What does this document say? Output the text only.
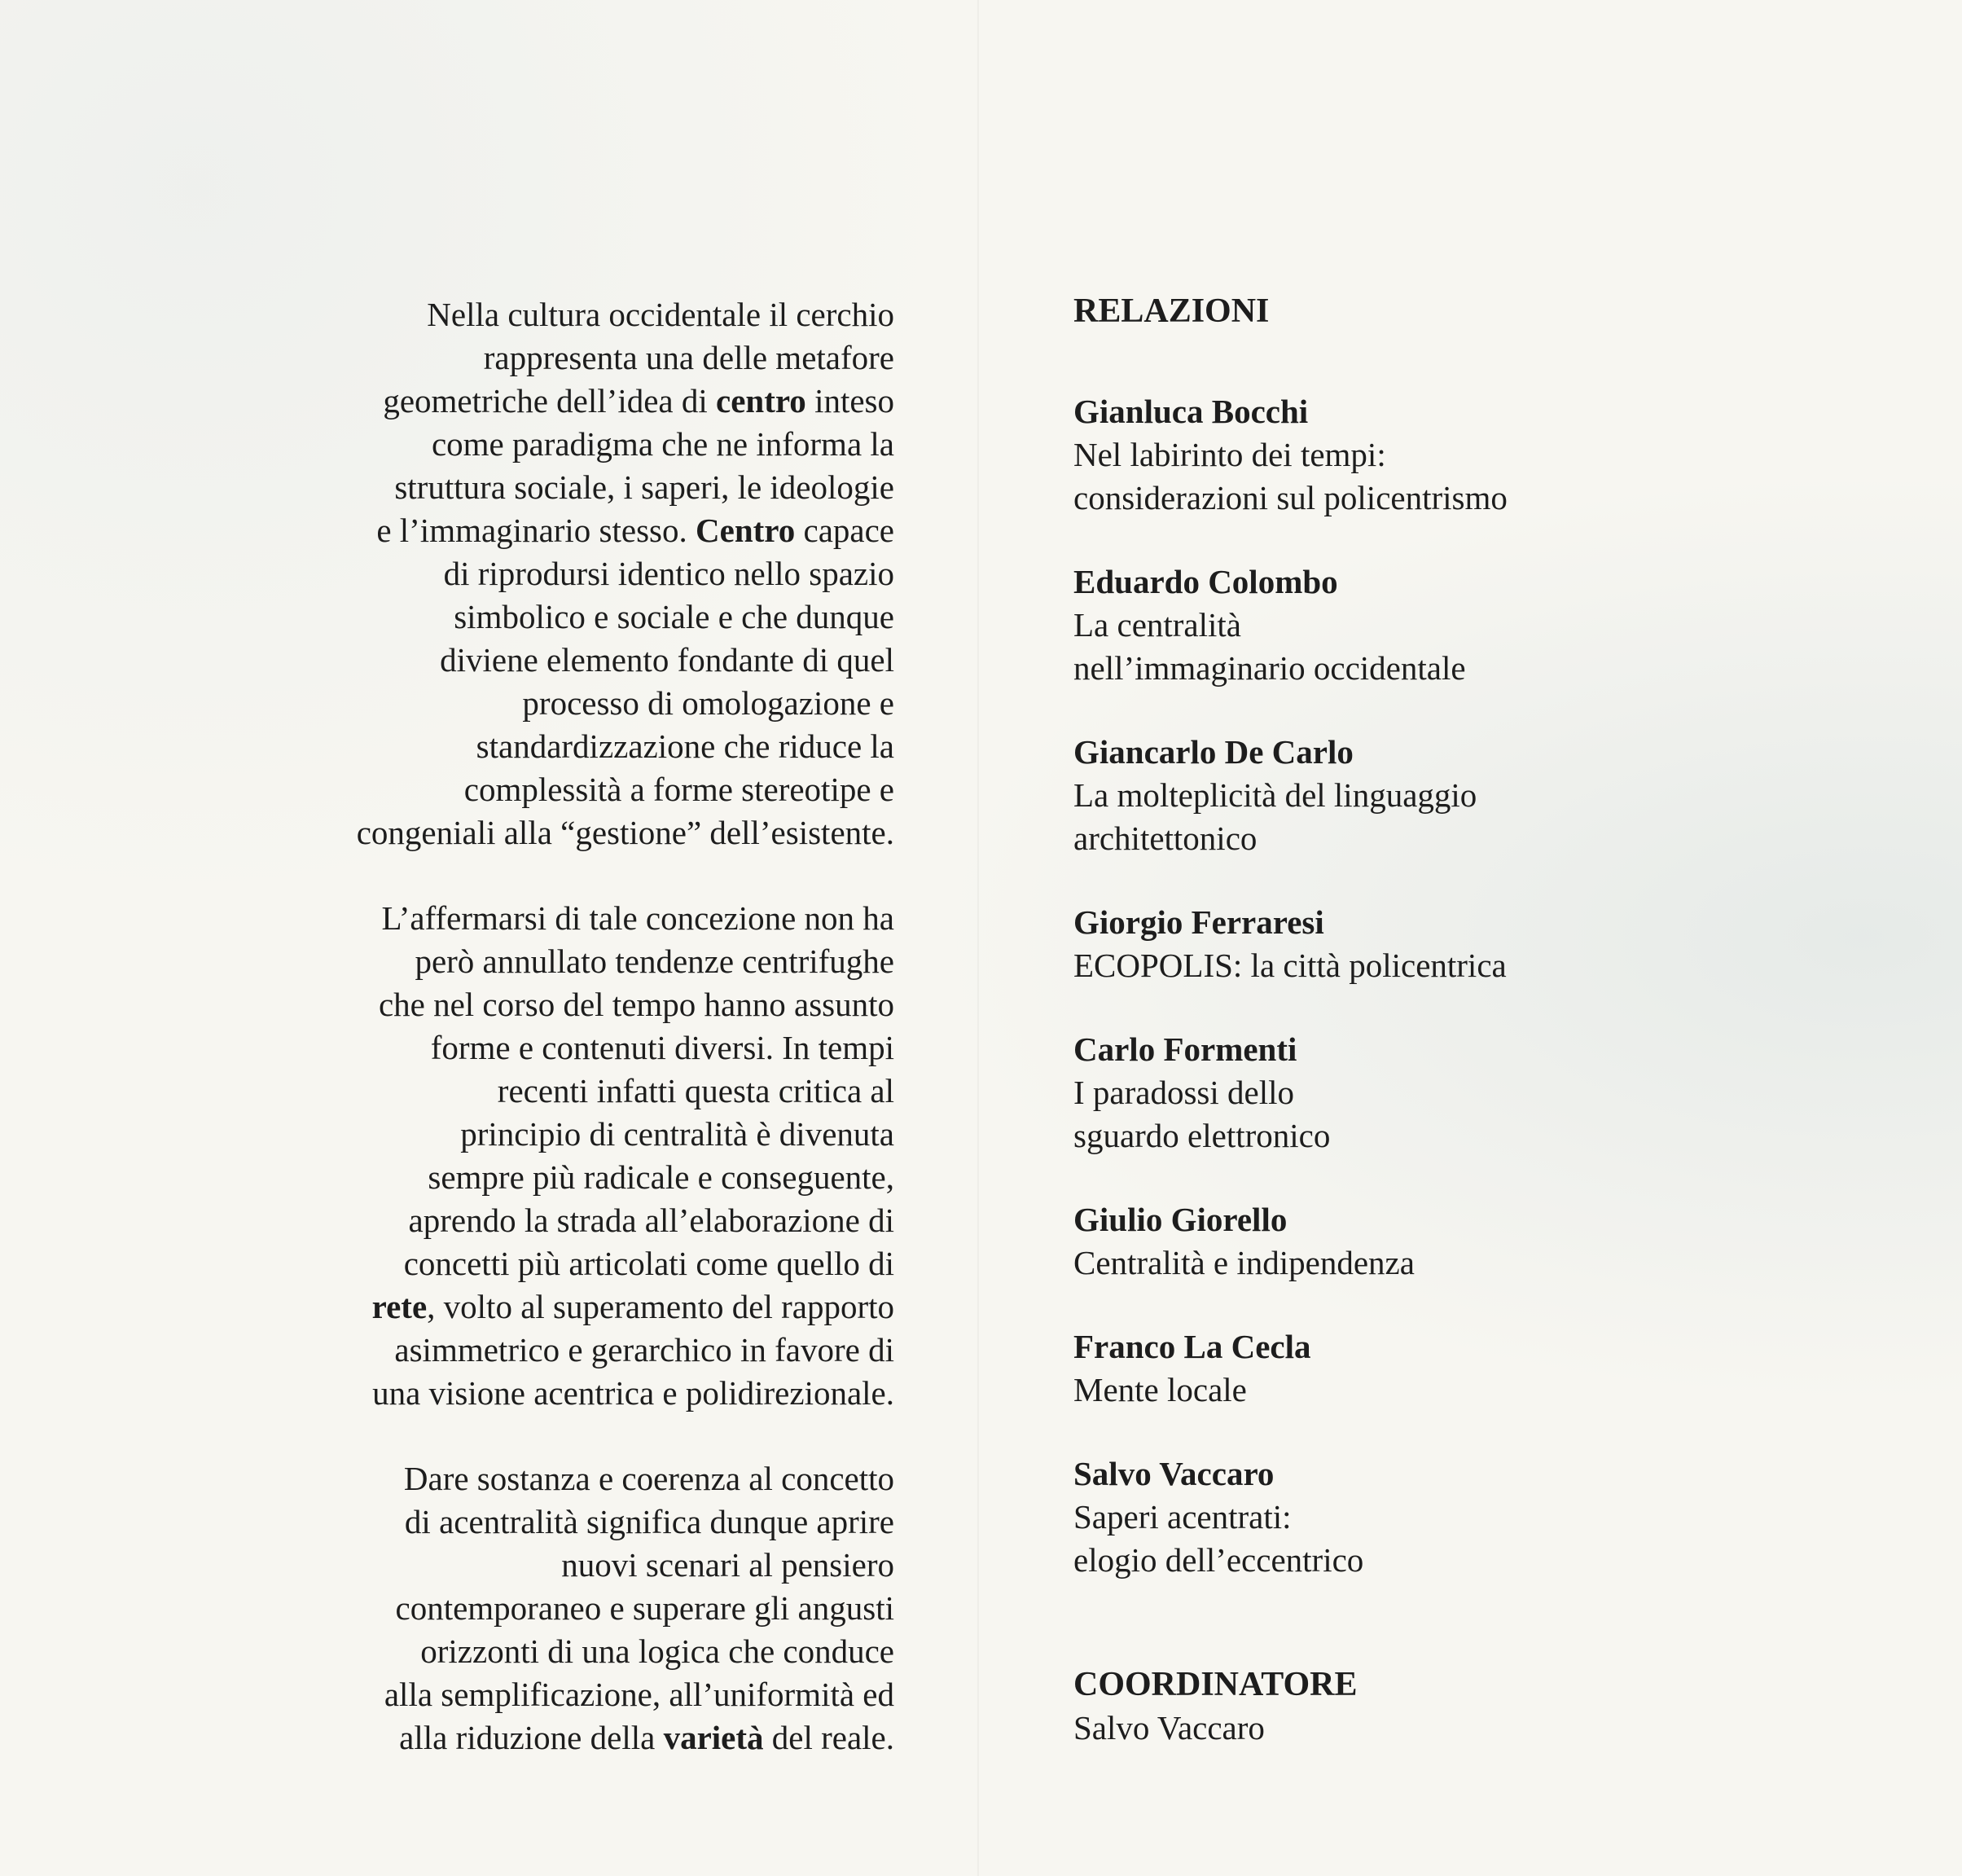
Nella cultura occidentale il cerchio
rappresenta una delle metafore
geometriche dell’idea di centro inteso
come paradigma che ne informa la
struttura sociale, i saperi, le ideologie
e l’immaginario stesso. Centro capace
di riprodursi identico nello spazio
simbolico e sociale e che dunque
diviene elemento fondante di quel
processo di omologazione e
standardizzazione che riduce la
complessità a forme stereotipe e
congeniali alla “gestione” dell’esistente.
L’affermarsi di tale concezione non ha
però annullato tendenze centrifughe
che nel corso del tempo hanno assunto
forme e contenuti diversi. In tempi
recenti infatti questa critica al
principio di centralità è divenuta
sempre più radicale e conseguente,
aprendo la strada all’elaborazione di
concetti più articolati come quello di
rete, volto al superamento del rapporto
asimmetrico e gerarchico in favore di
una visione acentrica e polidirezionale.
Dare sostanza e coerenza al concetto
di acentralità significa dunque aprire
nuovi scenari al pensiero
contemporaneo e superare gli angusti
orizzonti di una logica che conduce
alla semplificazione, all’uniformità ed
alla riduzione della varietà del reale.
RELAZIONI
Gianluca Bocchi
Nel labirinto dei tempi:
considerazioni sul policentrismo
Eduardo Colombo
La centralità
nell’immaginario occidentale
Giancarlo De Carlo
La molteplicità del linguaggio
architettonico
Giorgio Ferraresi
ECOPOLIS: la città policentrica
Carlo Formenti
I paradossi dello
sguardo elettronico
Giulio Giorello
Centralità e indipendenza
Franco La Cecla
Mente locale
Salvo Vaccaro
Saperi acentrati:
elogio dell’eccentrico
COORDINATORE
Salvo Vaccaro
